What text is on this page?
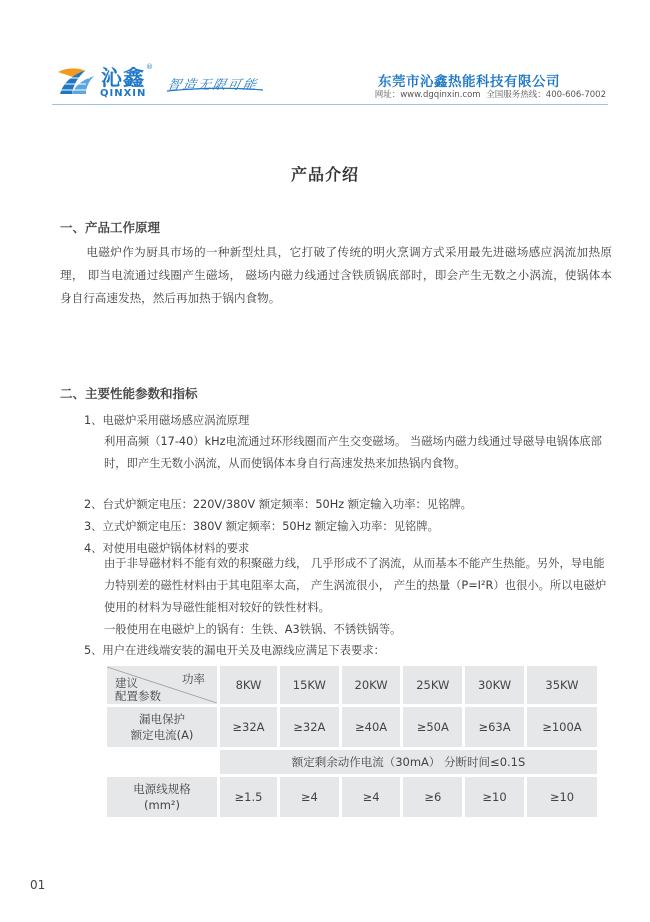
沁鑫 ®
QINXIN
智造无限可能	东莞市沁鑫热能科技有限公司
网址：www.dgqinxin.com 全国服务热线：400-606-7002
产品介绍
一、产品工作原理
电磁炉作为厨具市场的一种新型灶具，它打破了传统的明火烹调方式采用最先进磁场感应涡流加热原理， 即当电流通过线圈产生磁场， 磁场内磁力线通过含铁质锅底部时，即会产生无数之小涡流，使锅体本身自行高速发热，然后再加热于锅内食物。
二、主要性能参数和指标
1、电磁炉采用磁场感应涡流原理
利用高频（17-40）kHz电流通过环形线圈而产生交变磁场。 当磁场内磁力线通过导磁导电锅体底部时，即产生无数小涡流，从而使锅体本身自行高速发热来加热锅内食物。
2、台式炉额定电压：220V/380V 额定频率：50Hz 额定输入功率：见铭牌。
3、立式炉额定电压：380V 额定频率：50Hz 额定输入功率：见铭牌。
4、对使用电磁炉锅体材料的要求
由于非导磁材料不能有效的积聚磁力线， 几乎形成不了涡流，从而基本不能产生热能。另外，导电能力特别差的磁性材料由于其电阻率太高， 产生涡流很小， 产生的热量（P=I²R）也很小。所以电磁炉使用的材料为导磁性能相对较好的铁性材料。
一般使用在电磁炉上的锅有：生铁、A3铁锅、不锈铁锅等。
5、用户在进线端安装的漏电开关及电源线应满足下表要求：
功率
建议
配置参数	8KW	15KW	20KW	25KW	30KW	35KW
漏电保护
额定电流(A)	≥32A	≥32A	≥40A	≥50A	≥63A	≥100A
	额定剩余动作电流（30mA） 分断时间≤0.1S					
电源线规格
(mm²)	≥1.5	≥4	≥4	≥6	≥10	≥10
01
